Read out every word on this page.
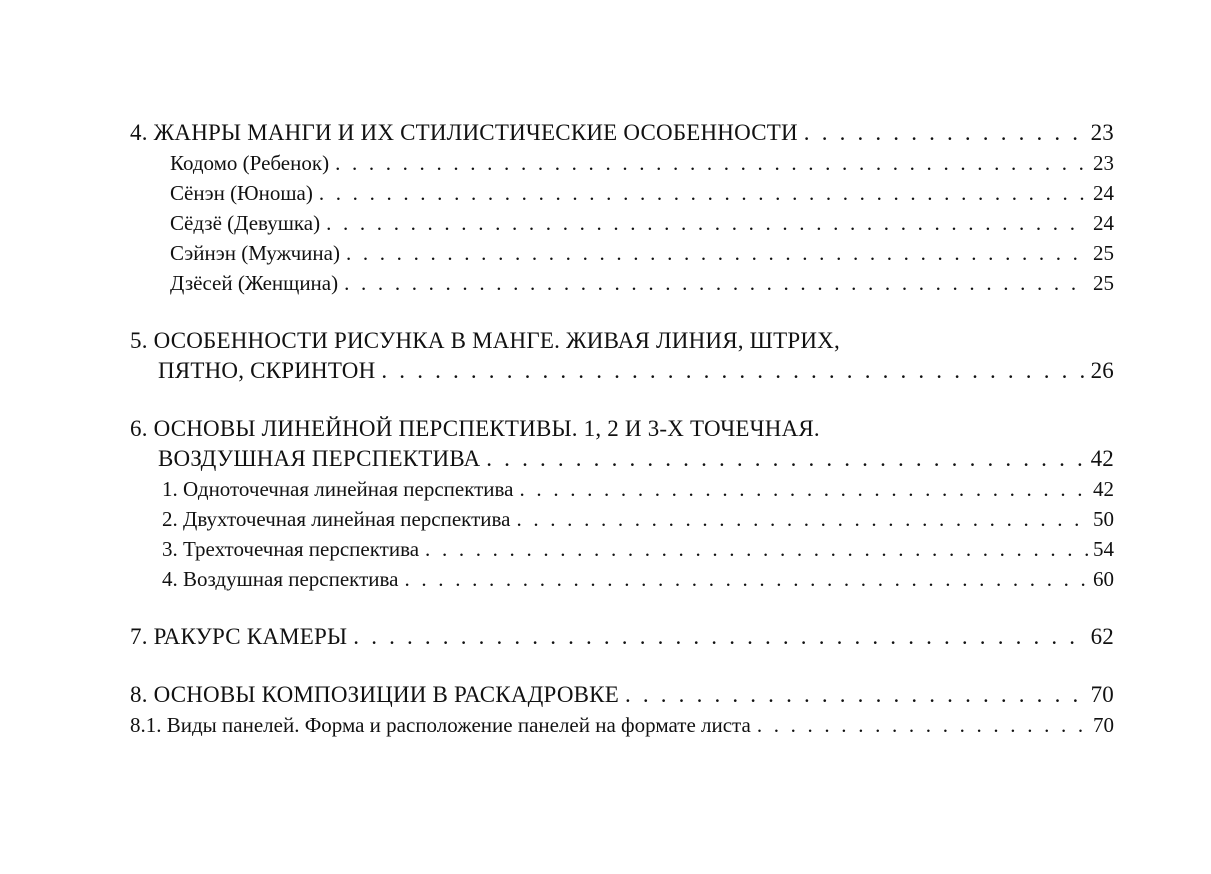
4. ЖАНРЫ МАНГИ И ИХ СТИЛИСТИЧЕСКИЕ ОСОБЕННОСТИ . . .	23
Кодомо (Ребенок) . . .	23
Сёнэн (Юноша) . . .	24
Сёдзё (Девушка) . . .	24
Сэйнэн (Мужчина) . . .	25
Дзёсей (Женщина) . . .	25
5. ОСОБЕННОСТИ РИСУНКА В МАНГЕ. ЖИВАЯ ЛИНИЯ, ШТРИХ,
ПЯТНО, СКРИНТОН . . .	26
6. ОСНОВЫ ЛИНЕЙНОЙ ПЕРСПЕКТИВЫ. 1, 2 И 3-Х ТОЧЕЧНАЯ.
ВОЗДУШНАЯ ПЕРСПЕКТИВА . . .	42
1. Одноточечная линейная перспектива . . .	42
2. Двухточечная линейная перспектива . . .	50
3. Трехточечная перспектива . . .	54
4. Воздушная перспектива . . .	60
7. РАКУРС КАМЕРЫ . . .	62
8. ОСНОВЫ КОМПОЗИЦИИ В РАСКАДРОВКЕ . . .	70
8.1. Виды панелей. Форма и расположение панелей на формате листа . . .	70
